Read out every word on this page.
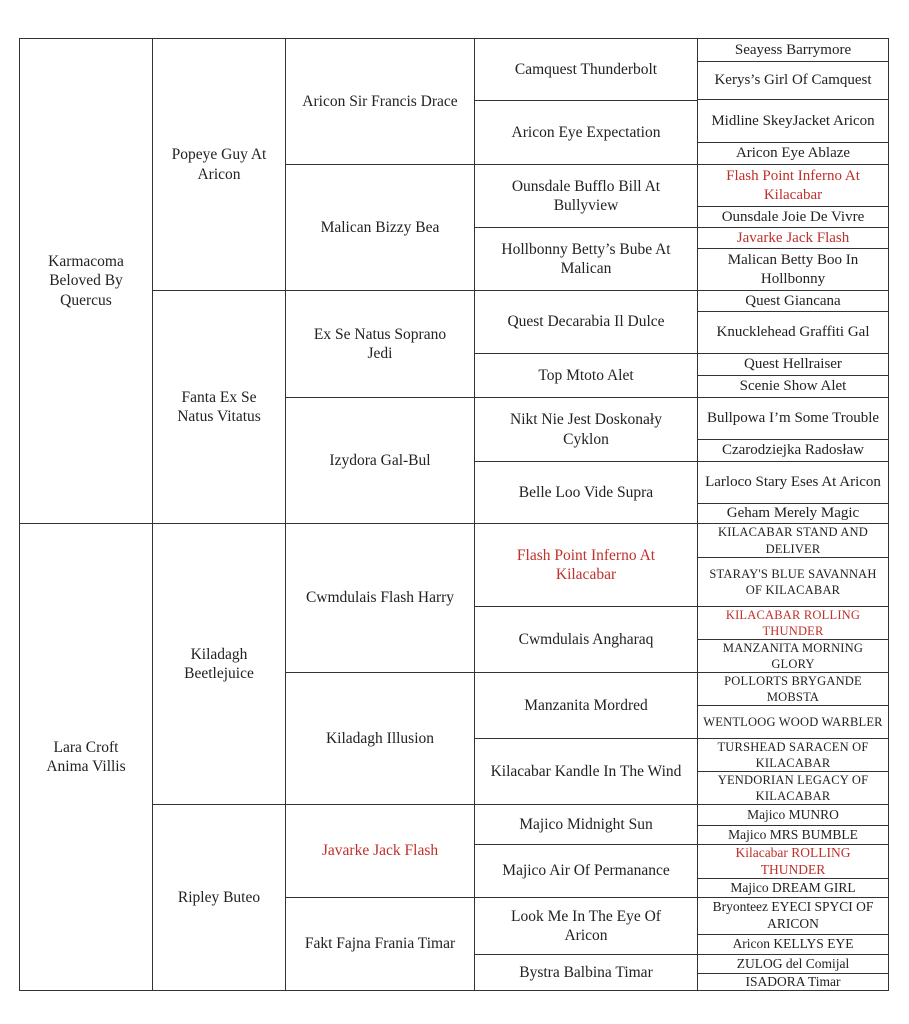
Karmacoma Beloved By Quercus
Lara Croft Anima Villis
Popeye Guy At Aricon
Fanta Ex Se Natus Vitatus
Kiladagh Beetlejuice
Ripley Buteo
Aricon Sir Francis Drace
Malican Bizzy Bea
Ex Se Natus Soprano Jedi
Izydora Gal-Bul
Cwmdulais Flash Harry
Kiladagh Illusion
Javarke Jack Flash
Fakt Fajna Frania Timar
Camquest Thunderbolt
Aricon Eye Expectation
Ounsdale Bufflo Bill At Bullyview
Hollbonny Betty’s Bube At Malican
Quest Decarabia Il Dulce
Top Mtoto Alet
Nikt Nie Jest Doskonały Cyklon
Belle Loo Vide Supra
Flash Point Inferno At Kilacabar
Cwmdulais Angharaq
Manzanita Mordred
Kilacabar Kandle In The Wind
Majico Midnight Sun
Majico Air Of Permanance
Look Me In The Eye Of Aricon
Bystra Balbina Timar
Seayess Barrymore
Kerys’s Girl Of Camquest
Midline SkeyJacket Aricon
Aricon Eye Ablaze
Flash Point Inferno At Kilacabar
Ounsdale Joie De Vivre
Javarke Jack Flash
Malican Betty Boo In Hollbonny
Quest Giancana
Knucklehead Graffiti Gal
Quest Hellraiser
Scenie Show Alet
Bullpowa I’m Some Trouble
Czarodziejka Radosław
Larloco Stary Eses At Aricon
Geham Merely Magic
KILACABAR STAND AND DELIVER
STARAY'S BLUE SAVANNAH OF KILACABAR
KILACABAR ROLLING THUNDER
MANZANITA MORNING GLORY
POLLORTS BRYGANDE MOBSTA
WENTLOOG WOOD WARBLER
TURSHEAD SARACEN OF KILACABAR
YENDORIAN LEGACY OF KILACABAR
Majico MUNRO
Majico MRS BUMBLE
Kilacabar ROLLING THUNDER
Majico DREAM GIRL
Bryonteez EYECI SPYCI OF ARICON
Aricon KELLYS EYE
ZULOG del Comijal
ISADORA Timar
